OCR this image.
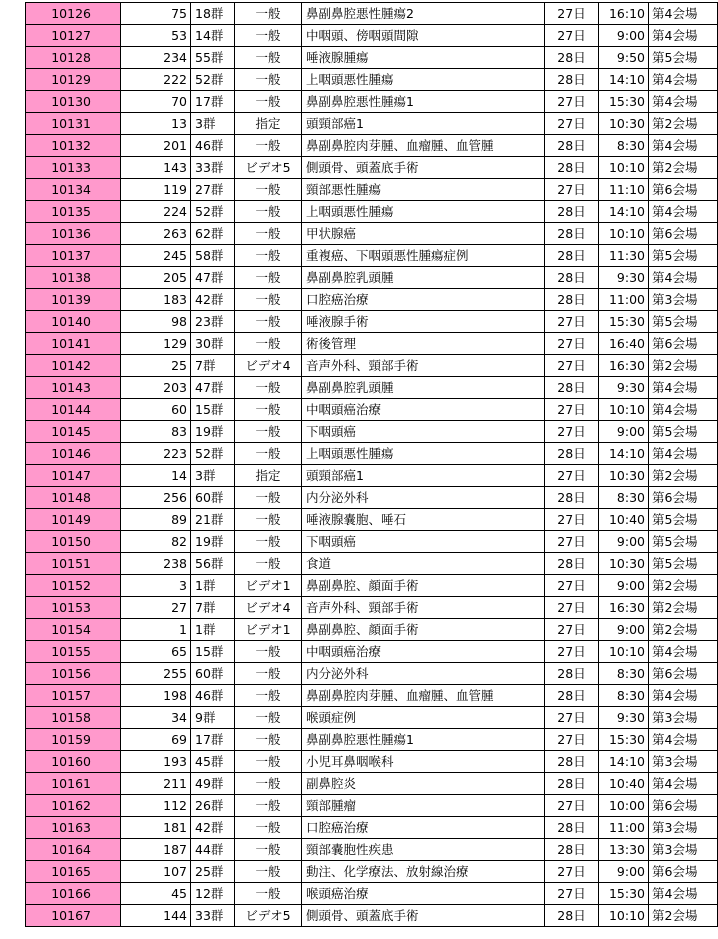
10126	75	18群	一般	鼻副鼻腔悪性腫瘍2	27日	16:10	第4会場
10127	53	14群	一般	中咽頭、傍咽頭間隙	27日	9:00	第4会場
10128	234	55群	一般	唾液腺腫瘍	28日	9:50	第5会場
10129	222	52群	一般	上咽頭悪性腫瘍	28日	14:10	第4会場
10130	70	17群	一般	鼻副鼻腔悪性腫瘍1	27日	15:30	第4会場
10131	13	3群	指定	頭頸部癌1	27日	10:30	第2会場
10132	201	46群	一般	鼻副鼻腔肉芽腫、血瘤腫、血管腫	28日	8:30	第4会場
10133	143	33群	ビデオ5	側頭骨、頭蓋底手術	28日	10:10	第2会場
10134	119	27群	一般	頸部悪性腫瘍	27日	11:10	第6会場
10135	224	52群	一般	上咽頭悪性腫瘍	28日	14:10	第4会場
10136	263	62群	一般	甲状腺癌	28日	10:10	第6会場
10137	245	58群	一般	重複癌、下咽頭悪性腫瘍症例	28日	11:30	第5会場
10138	205	47群	一般	鼻副鼻腔乳頭腫	28日	9:30	第4会場
10139	183	42群	一般	口腔癌治療	28日	11:00	第3会場
10140	98	23群	一般	唾液腺手術	27日	15:30	第5会場
10141	129	30群	一般	術後管理	27日	16:40	第6会場
10142	25	7群	ビデオ4	音声外科、頸部手術	27日	16:30	第2会場
10143	203	47群	一般	鼻副鼻腔乳頭腫	28日	9:30	第4会場
10144	60	15群	一般	中咽頭癌治療	27日	10:10	第4会場
10145	83	19群	一般	下咽頭癌	27日	9:00	第5会場
10146	223	52群	一般	上咽頭悪性腫瘍	28日	14:10	第4会場
10147	14	3群	指定	頭頸部癌1	27日	10:30	第2会場
10148	256	60群	一般	内分泌外科	28日	8:30	第6会場
10149	89	21群	一般	唾液腺嚢胞、唾石	27日	10:40	第5会場
10150	82	19群	一般	下咽頭癌	27日	9:00	第5会場
10151	238	56群	一般	食道	28日	10:30	第5会場
10152	3	1群	ビデオ1	鼻副鼻腔、顔面手術	27日	9:00	第2会場
10153	27	7群	ビデオ4	音声外科、頸部手術	27日	16:30	第2会場
10154	1	1群	ビデオ1	鼻副鼻腔、顔面手術	27日	9:00	第2会場
10155	65	15群	一般	中咽頭癌治療	27日	10:10	第4会場
10156	255	60群	一般	内分泌外科	28日	8:30	第6会場
10157	198	46群	一般	鼻副鼻腔肉芽腫、血瘤腫、血管腫	28日	8:30	第4会場
10158	34	9群	一般	喉頭症例	27日	9:30	第3会場
10159	69	17群	一般	鼻副鼻腔悪性腫瘍1	27日	15:30	第4会場
10160	193	45群	一般	小児耳鼻咽喉科	28日	14:10	第3会場
10161	211	49群	一般	副鼻腔炎	28日	10:40	第4会場
10162	112	26群	一般	頸部腫瘤	27日	10:00	第6会場
10163	181	42群	一般	口腔癌治療	28日	11:00	第3会場
10164	187	44群	一般	頸部嚢胞性疾患	28日	13:30	第3会場
10165	107	25群	一般	動注、化学療法、放射線治療	27日	9:00	第6会場
10166	45	12群	一般	喉頭癌治療	27日	15:30	第4会場
10167	144	33群	ビデオ5	側頭骨、頭蓋底手術	28日	10:10	第2会場
